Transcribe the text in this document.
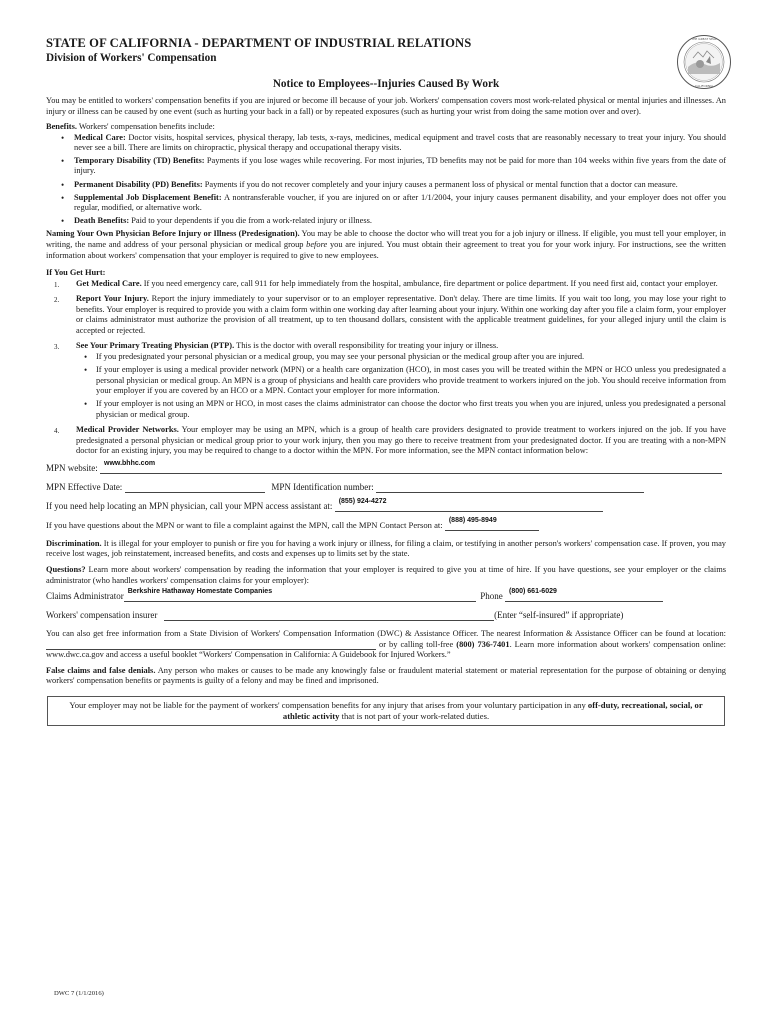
THE GREAT SEAL
CALIFORNIA

STATE OF CALIFORNIA - DEPARTMENT OF INDUSTRIAL RELATIONS

Division of Workers' Compensation

Notice to Employees--Injuries Caused By Work

You may be entitled to workers' compensation benefits if you are injured or become ill because of your job. Workers' compensation covers most work-related physical or mental injuries and illnesses. An injury or illness can be caused by one event (such as hurting your back in a fall) or by repeated exposures (such as hurting your wrist from doing the same motion over and over).

Benefits. Workers' compensation benefits include:

• Medical Care: Doctor visits, hospital services, physical therapy, lab tests, x-rays, medicines, medical equipment and travel costs that are reasonably necessary to treat your injury. You should never see a bill. There are limits on chiropractic, physical therapy and occupational therapy visits.
• Temporary Disability (TD) Benefits: Payments if you lose wages while recovering. For most injuries, TD benefits may not be paid for more than 104 weeks within five years from the date of injury.
• Permanent Disability (PD) Benefits: Payments if you do not recover completely and your injury causes a permanent loss of physical or mental function that a doctor can measure.
• Supplemental Job Displacement Benefit: A nontransferable voucher, if you are injured on or after 1/1/2004, your injury causes permanent disability, and your employer does not offer you regular, modified, or alternative work.
• Death Benefits: Paid to your dependents if you die from a work-related injury or illness.

Naming Your Own Physician Before Injury or Illness (Predesignation). You may be able to choose the doctor who will treat you for a job injury or illness. If eligible, you must tell your employer, in writing, the name and address of your personal physician or medical group before you are injured. You must obtain their agreement to treat you for your work injury. For instructions, see the written information about workers' compensation that your employer is required to give to new employees.

If You Get Hurt:

1. Get Medical Care. If you need emergency care, call 911 for help immediately from the hospital, ambulance, fire department or police department. If you need first aid, contact your employer.
2. Report Your Injury. Report the injury immediately to your supervisor or to an employer representative. Don't delay. There are time limits. If you wait too long, you may lose your right to benefits. Your employer is required to provide you with a claim form within one working day after learning about your injury. Within one working day after you file a claim form, your employer or claims administrator must authorize the provision of all treatment, up to ten thousand dollars, consistent with the applicable treatment guidelines, for your alleged injury until the claim is accepted or rejected.
3. See Your Primary Treating Physician (PTP). This is the doctor with overall responsibility for treating your injury or illness.
• If you predesignated your personal physician or a medical group, you may see your personal physician or the medical group after you are injured.
• If your employer is using a medical provider network (MPN) or a health care organization (HCO), in most cases you will be treated within the MPN or HCO unless you predesignated a personal physician or medical group. An MPN is a group of physicians and health care providers who provide treatment to workers injured on the job. You should receive information from your employer if you are covered by an HCO or a MPN. Contact your employer for more information.
• If your employer is not using an MPN or HCO, in most cases the claims administrator can choose the doctor who first treats you when you are injured, unless you predesignated a personal physician or medical group.
4. Medical Provider Networks. Your employer may be using an MPN, which is a group of health care providers designated to provide treatment to workers injured on the job. If you have predesignated a personal physician or medical group prior to your work injury, then you may go there to receive treatment from your predesignated doctor. If you are treating with a non-MPN doctor for an existing injury, you may be required to change to a doctor within the MPN. For more information, see the MPN contact information below:
MPN website: www.bhhc.com
MPN Effective Date:	MPN Identification number:
If you need help locating an MPN physician, call your MPN access assistant at: (855) 924-4272
If you have questions about the MPN or want to file a complaint against the MPN, call the MPN Contact Person at: (888) 495-8949

Discrimination. It is illegal for your employer to punish or fire you for having a work injury or illness, for filing a claim, or testifying in another person's workers' compensation case. If proven, you may receive lost wages, job reinstatement, increased benefits, and costs and expenses up to limits set by the state.

Questions? Learn more about workers' compensation by reading the information that your employer is required to give you at time of hire. If you have questions, see your employer or the claims administrator (who handles workers' compensation claims for your employer):

Claims Administrator Berkshire Hathaway Homestate Companies	Phone (800) 661-6029
Workers' compensation insurer	(Enter “self-insured” if appropriate)

You can also get free information from a State Division of Workers' Compensation Information (DWC) & Assistance Officer. The nearest Information & Assistance Officer can be found at location:
or by calling toll-free (800) 736-7401. Learn more information about workers' compensation online: www.dwc.ca.gov and access a useful booklet “Workers' Compensation in California: A Guidebook for Injured Workers.”

False claims and false denials. Any person who makes or causes to be made any knowingly false or fraudulent material statement or material representation for the purpose of obtaining or denying workers' compensation benefits or payments is guilty of a felony and may be fined and imprisoned.

Your employer may not be liable for the payment of workers' compensation benefits for any injury that arises from your voluntary participation in any off-duty, recreational, social, or athletic activity that is not part of your work-related duties.
DWC 7 (1/1/2016)
